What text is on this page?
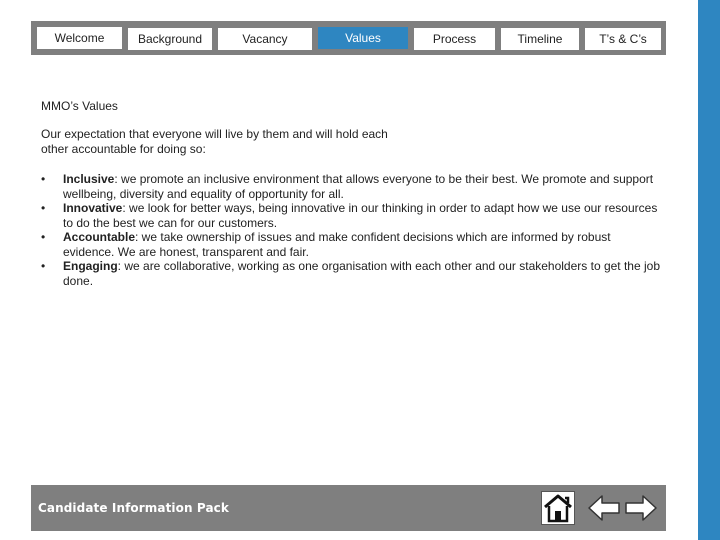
Welcome	Background	Vacancy	Values	Process	Timeline	T’s & C’s
MMO’s Values
Our expectation that everyone will live by them and will hold each other accountable for doing so:
• Inclusive: we promote an inclusive environment that allows everyone to be their best. We promote and support wellbeing, diversity and equality of opportunity for all.
• Innovative: we look for better ways, being innovative in our thinking in order to adapt how we use our resources to do the best we can for our customers.
• Accountable: we take ownership of issues and make confident decisions which are informed by robust evidence. We are honest, transparent and fair.
• Engaging: we are collaborative, working as one organisation with each other and our stakeholders to get the job done.
Candidate Information Pack
